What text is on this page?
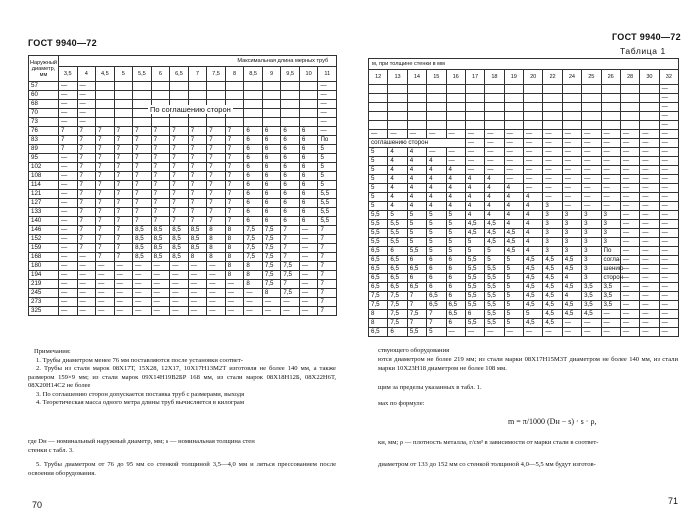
ГОСТ 9940—72
Наружный диаметр, мм	Максимальная длина мерных труб														
	3,5	4	4,5	5	5,5	6	6,5	7	7,5	8	8,5	9	9,5	10	11
57	—	—													—
60	—	—													—
68	—	—													—
70	—	—													—
73	—	—													—
76	7	7	7	7	7	7	7	7	7	7	6	6	6	6	—
83	7	7	7	7	7	7	7	7	7	7	6	6	6	6	По
89	7	7	7	7	7	7	7	7	7	7	6	6	6	6	5
95	—	7	7	7	7	7	7	7	7	7	6	6	6	6	5
102	—	7	7	7	7	7	7	7	7	7	6	6	6	6	5
108	—	7	7	7	7	7	7	7	7	7	6	6	6	6	5
114	—	7	7	7	7	7	7	7	7	7	6	6	6	6	5
121	—	7	7	7	7	7	7	7	7	7	6	6	6	6	5,5
127	—	7	7	7	7	7	7	7	7	7	6	6	6	6	5,5
133	—	7	7	7	7	7	7	7	7	7	6	6	6	6	5,5
140	—	7	7	7	7	7	7	7	7	7	6	6	6	6	5,5
146	—	7	7	7	8,5	8,5	8,5	8,5	8	8	7,5	7,5	7	—	7
152	—	7	7	7	8,5	8,5	8,5	8,5	8	8	7,5	7,5	7	—	7
159	—	7	7	7	8,5	8,5	8,5	8,5	8	8	7,5	7,5	7	—	7
168	—	—	7	7	8,5	8,5	8,5	8	8	8	7,5	7,5	7	—	7
180	—	—	—	—	—	—	—	—	—	8	8	7,5	7,5	—	7
194	—	—	—	—	—	—	—	—	—	8	8	7,5	7,5	—	7
219	—	—	—	—	—	—	—	—	—	—	8	7,5	7	—	7
245	—	—	—	—	—	—	—	—	—	—	—	8	7,5	—	7
273	—	—	—	—	—	—	—	—	—	—	—	—	—	—	7
325	—	—	—	—	—	—	—	—	—	—	—	—	—	—	7
По соглашению сторон
Примечания:
1. Трубы диаметром менее 76 мм поставляются после установки соответ-
2. Трубы из стали марок 08Х17Т, 15Х28, 12Х17, 10Х17Н13М2Т изготовля не более 140 мм, а также размером 159×9 мм; из стали марок 09Х14Н19В2БР 168 мм, из стали марок 08Х18Н12Б, 08Х22Н6Т, 08Х20Н14С2 не более
3. По соглашению сторон допускается поставка труб с размерами, выходя
4. Теоретическая масса одного метра длины труб вычисляется в килограм
где Dн — номинальный наружный диаметр, мм; s — номинальная толщина стен
стенки с табл. 3.
5. Трубы диаметром от 76 до 95 мм со стенкой толщиной 3,5—4,0 мм и ляться прессованием после освоения оборудования.
70
ГОСТ 9940—72
Таблица 1
м, при толщине стенки в мм															
12	13	14	15	16	17	18	19	20	22	24	25	26	28	30	32
															—
															—
															—
															—
															—
—	—	—	—	—	—	—	—	—	—	—	—	—	—	—	—
соглашению сторон					—	—	—	—	—	—	—	—	—	—	—
5	4	4	—	—	—	—	—	—	—	—	—	—	—	—	—
5	4	4	4	—	—	—	—	—	—	—	—	—	—	—	—
5	4	4	4	4	—	—	—	—	—	—	—	—	—	—	—
5	4	4	4	4	4	4	—	—	—	—	—	—	—	—	—
5	4	4	4	4	4	4	4	—	—	—	—	—	—	—	—
5	4	4	4	4	4	4	4	4	—	—	—	—	—	—	—
5	4	4	4	4	4	4	4	4	3	—	—	—	—	—	—
5,5	5	5	5	5	4	4	4	4	3	3	3	3	—	—	—
5,5	5,5	5	5	5	4,5	4,5	4	4	3	3	3	3	—	—	—
5,5	5,5	5	5	5	4,5	4,5	4,5	4	3	3	3	3	—	—	—
5,5	5,5	5	5	5	5	4,5	4,5	4	3	3	3	3	—	—	—
6,5	6	5,5	5	5	5	5	4,5	4	3	3	3	По	—	—	—
6,5	6,5	6	6	6	5,5	5	5	4,5	4,5	4,5	3	согла-	—	—	—
6,5	6,5	6,5	6	6	5,5	5,5	5	4,5	4,5	4,5	3	шению	—	—	—
6,5	6,5	6	6	6	5,5	5,5	5	4,5	4,5	4	3	сторон	—	—	—
6,5	6,5	6,5	6	6	5,5	5,5	5	4,5	4,5	4,5	3,5	3,5	—	—	—
7,5	7,5	7	6,5	6	5,5	5,5	5	4,5	4,5	4	3,5	3,5	—	—	—
7,5	7,5	7	6,5	6,5	5,5	5,5	5	4,5	4,5	4,5	3,5	3,5	—	—	—
8	7,5	7,5	7	6,5	6	5,5	5	5	4,5	4,5	4,5	—	—	—	—
8	7,5	7	7	6	5,5	5,5	5	4,5	4,5	—	—	—	—	—	—
6,5	6	5,5	5	—	—	—	—	—	—	—	—	—	—	—	—
ствующего оборудования
ются диаметром не более 219 мм; из стали марки 08Х17Н15М3Т диаметром не более 140 мм, из стали марки 10Х23Н18 диаметром не более 108 мм.
щим за пределы указанных в табл. 1.
мах по формуле:
m = π/1000 (Dн − s) · s · ρ,
ки, мм; ρ — плотность металла, г/см³ в зависимости от марки стали в соответ-
диаметром от 133 до 152 мм со стенкой толщиной 4,0—5,5 мм будут изготов-
71
